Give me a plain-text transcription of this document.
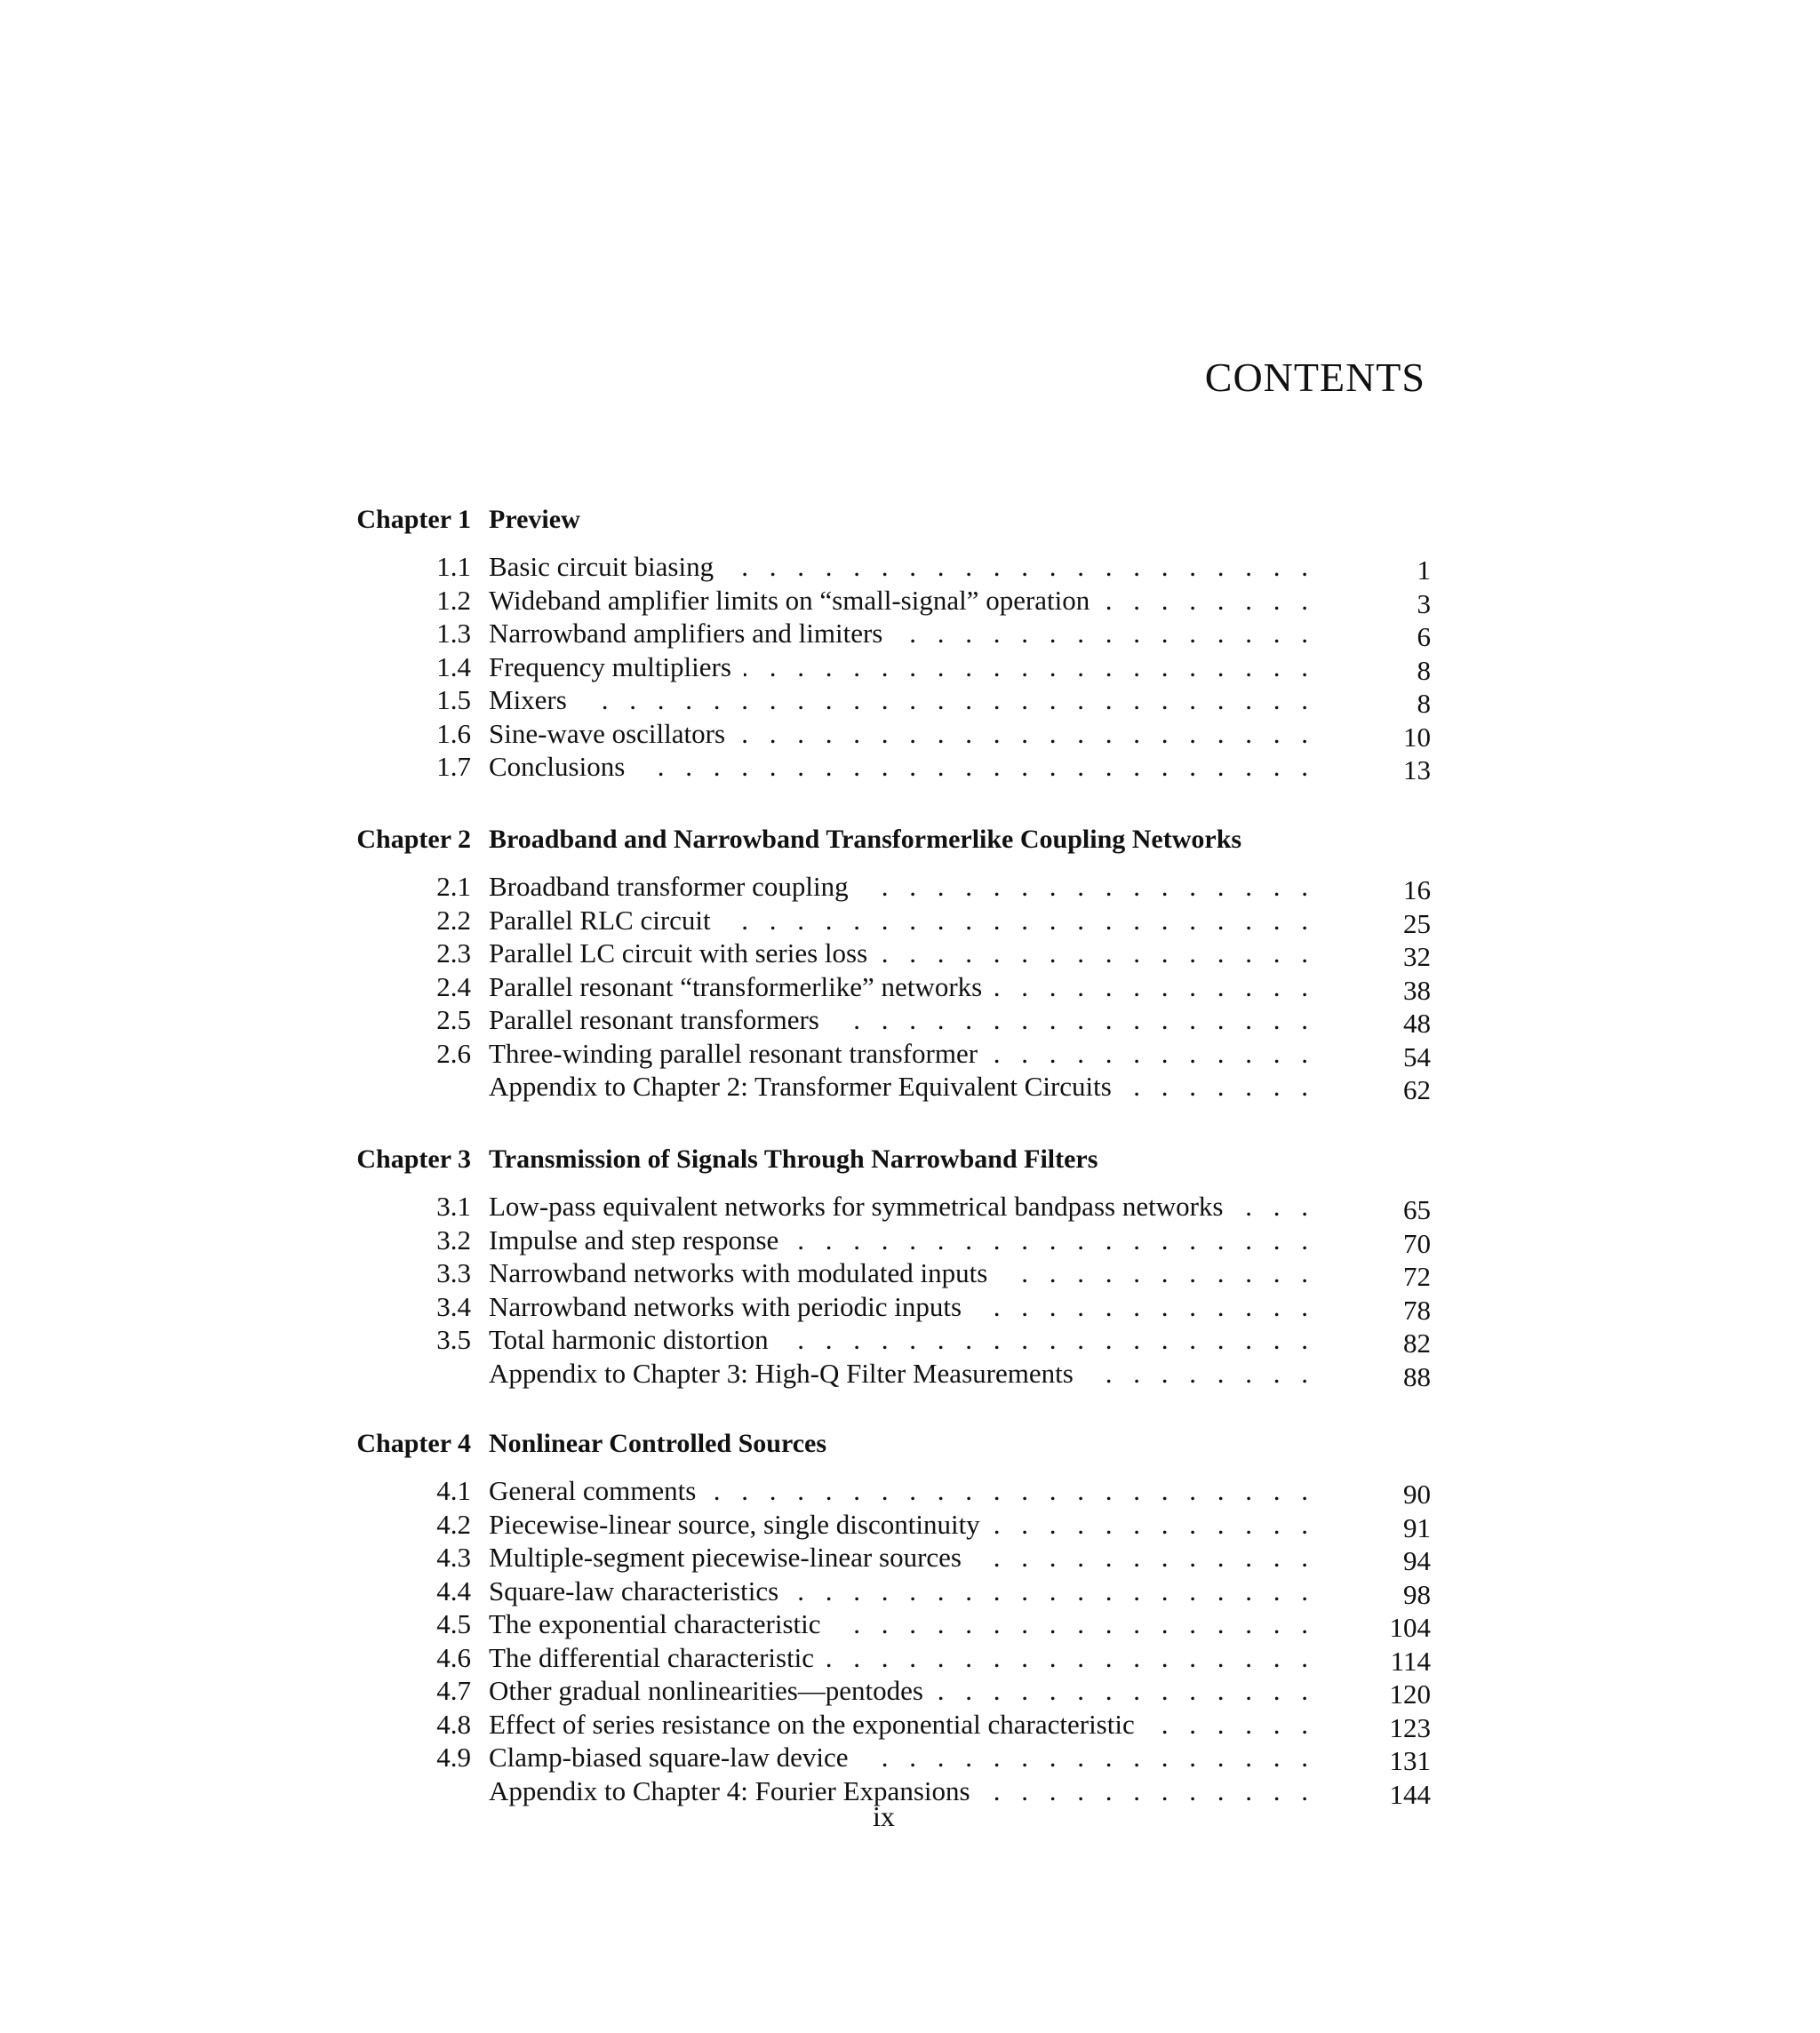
CONTENTS
Chapter 1 Preview
1.1 Basic circuit biasing . . .	1
1.2 Wideband amplifier limits on “small-signal” operation . . .	3
1.3 Narrowband amplifiers and limiters . . .	6
1.4 Frequency multipliers . . .	8
1.5 Mixers . . .	8
1.6 Sine-wave oscillators . . .	10
1.7 Conclusions . . .	13
Chapter 2 Broadband and Narrowband Transformerlike Coupling Networks
2.1 Broadband transformer coupling . . .	16
2.2 Parallel RLC circuit . . .	25
2.3 Parallel LC circuit with series loss . . .	32
2.4 Parallel resonant “transformerlike” networks . . .	38
2.5 Parallel resonant transformers . . .	48
2.6 Three-winding parallel resonant transformer . . .	54
Appendix to Chapter 2: Transformer Equivalent Circuits . . .	62
Chapter 3 Transmission of Signals Through Narrowband Filters
3.1 Low-pass equivalent networks for symmetrical bandpass networks . . .	65
3.2 Impulse and step response . . .	70
3.3 Narrowband networks with modulated inputs . . .	72
3.4 Narrowband networks with periodic inputs . . .	78
3.5 Total harmonic distortion . . .	82
Appendix to Chapter 3: High-Q Filter Measurements . . .	88
Chapter 4 Nonlinear Controlled Sources
4.1 General comments . . .	90
4.2 Piecewise-linear source, single discontinuity . . .	91
4.3 Multiple-segment piecewise-linear sources . . .	94
4.4 Square-law characteristics . . .	98
4.5 The exponential characteristic . . .	104
4.6 The differential characteristic . . .	114
4.7 Other gradual nonlinearities—pentodes . . .	120
4.8 Effect of series resistance on the exponential characteristic . . .	123
4.9 Clamp-biased square-law device . . .	131
Appendix to Chapter 4: Fourier Expansions . . .	144
ix
